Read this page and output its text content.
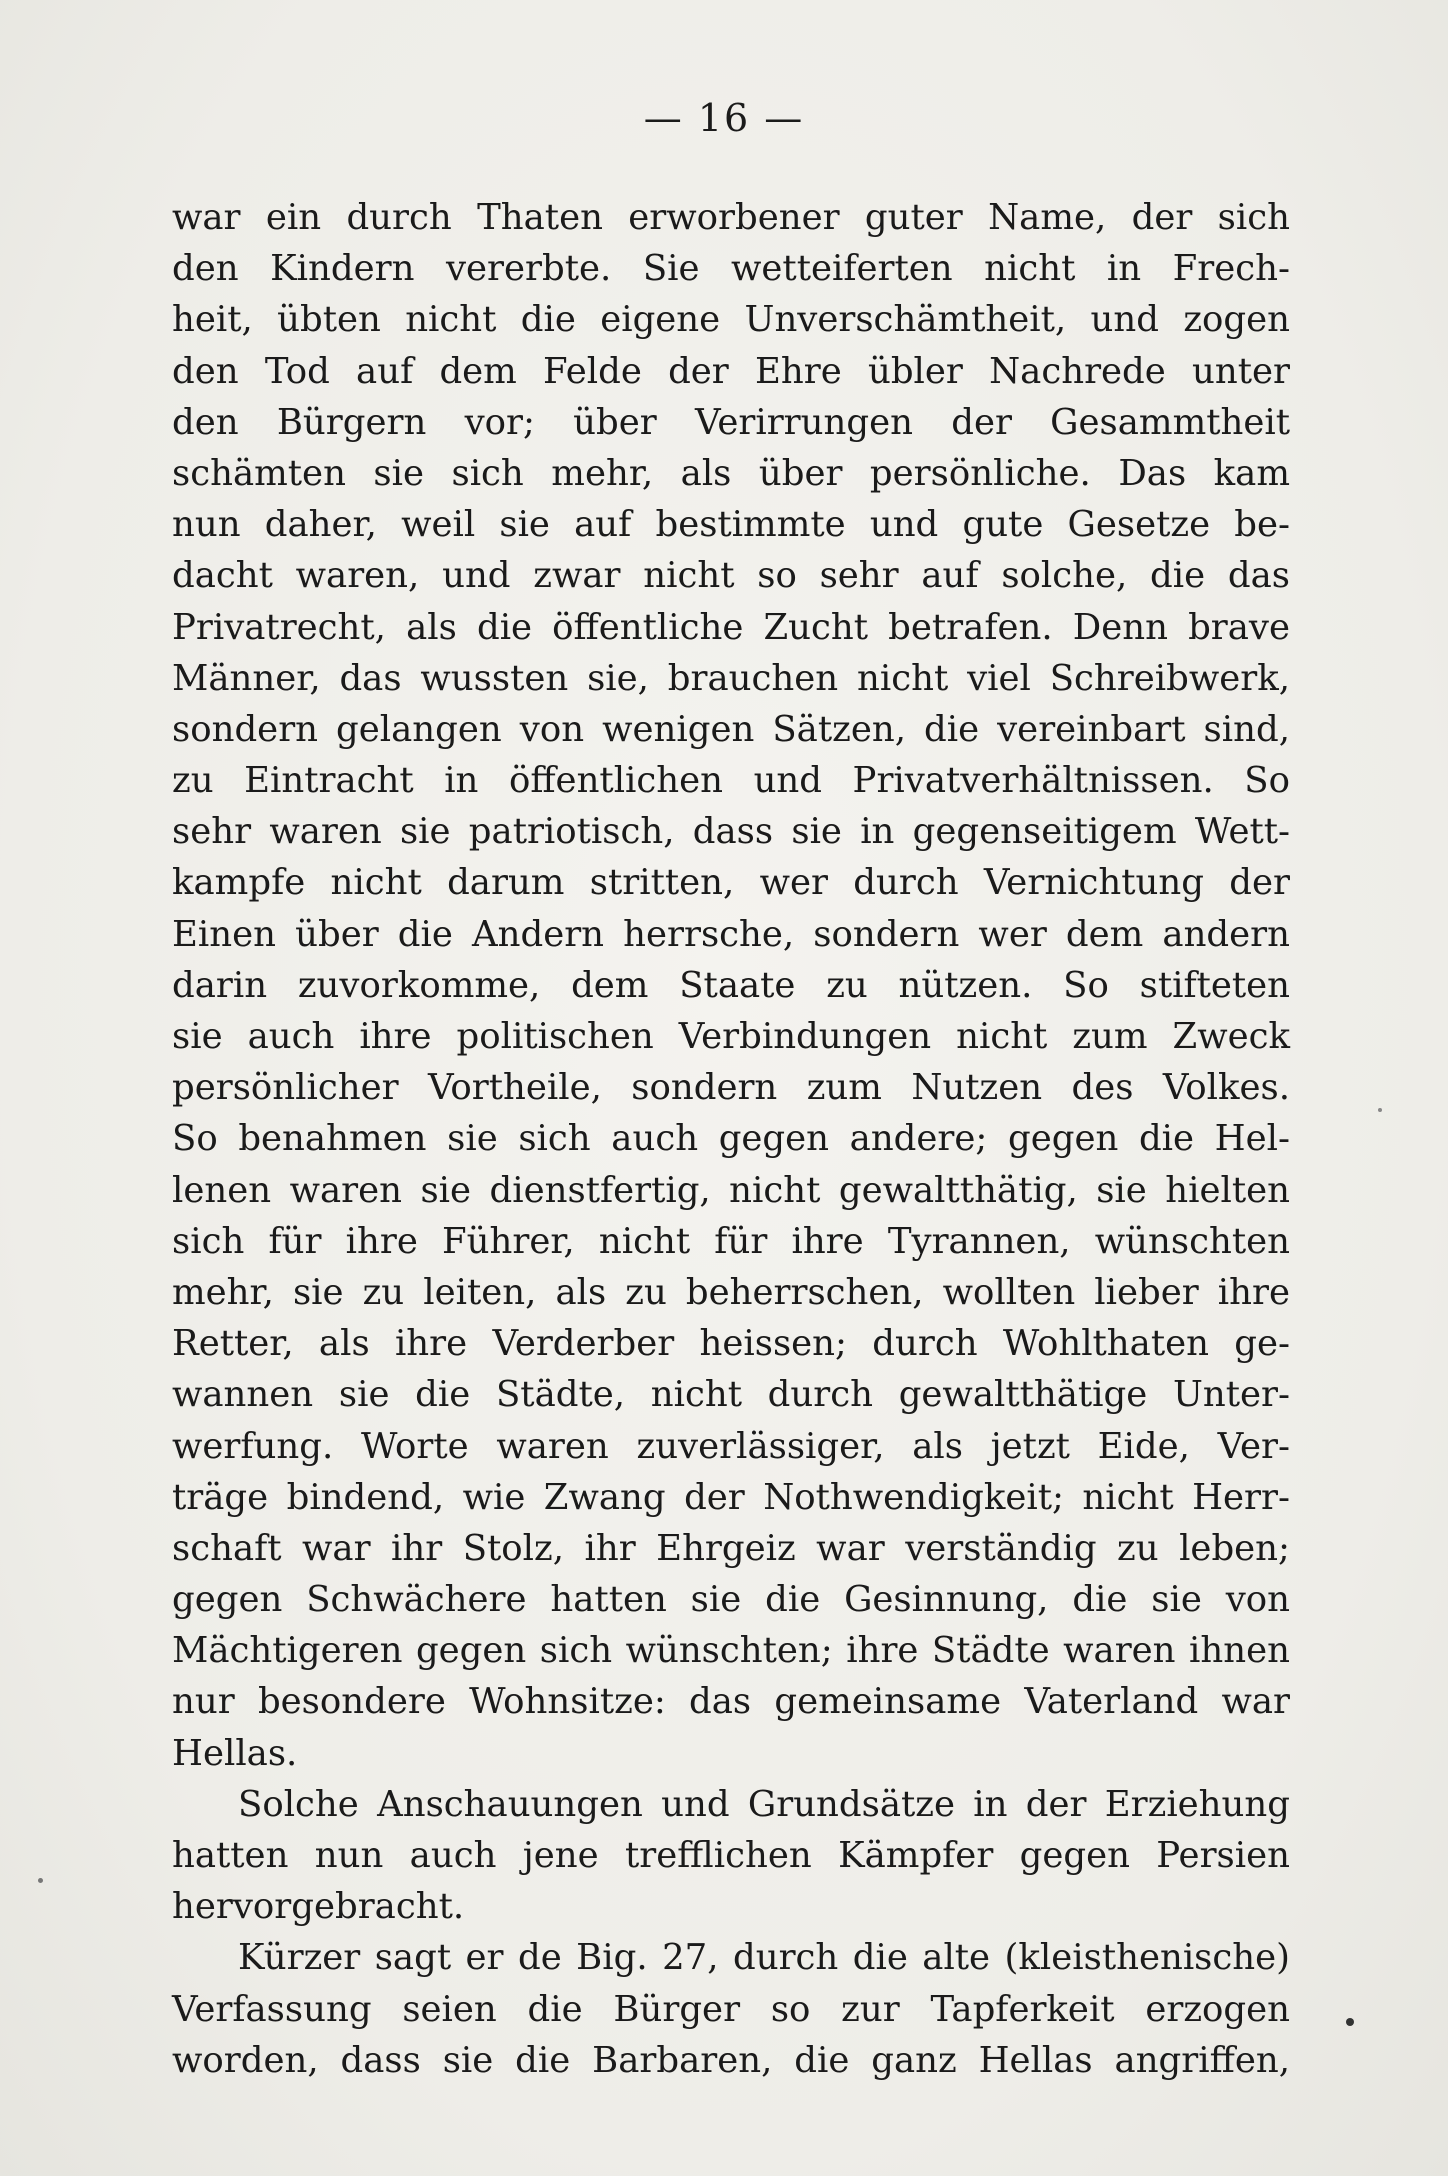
— 16 —
war ein durch Thaten erworbener guter Name, der sich
den Kindern vererbte. Sie wetteiferten nicht in Frech-
heit, übten nicht die eigene Unverschämtheit, und zogen
den Tod auf dem Felde der Ehre übler Nachrede unter
den Bürgern vor; über Verirrungen der Gesammtheit
schämten sie sich mehr, als über persönliche. Das kam
nun daher, weil sie auf bestimmte und gute Gesetze be-
dacht waren, und zwar nicht so sehr auf solche, die das
Privatrecht, als die öffentliche Zucht betrafen. Denn brave
Männer, das wussten sie, brauchen nicht viel Schreibwerk,
sondern gelangen von wenigen Sätzen, die vereinbart sind,
zu Eintracht in öffentlichen und Privatverhältnissen. So
sehr waren sie patriotisch, dass sie in gegenseitigem Wett-
kampfe nicht darum stritten, wer durch Vernichtung der
Einen über die Andern herrsche, sondern wer dem andern
darin zuvorkomme, dem Staate zu nützen. So stifteten
sie auch ihre politischen Verbindungen nicht zum Zweck
persönlicher Vortheile, sondern zum Nutzen des Volkes.
So benahmen sie sich auch gegen andere; gegen die Hel-
lenen waren sie dienstfertig, nicht gewaltthätig, sie hielten
sich für ihre Führer, nicht für ihre Tyrannen, wünschten
mehr, sie zu leiten, als zu beherrschen, wollten lieber ihre
Retter, als ihre Verderber heissen; durch Wohlthaten ge-
wannen sie die Städte, nicht durch gewaltthätige Unter-
werfung. Worte waren zuverlässiger, als jetzt Eide, Ver-
träge bindend, wie Zwang der Nothwendigkeit; nicht Herr-
schaft war ihr Stolz, ihr Ehrgeiz war verständig zu leben;
gegen Schwächere hatten sie die Gesinnung, die sie von
Mächtigeren gegen sich wünschten; ihre Städte waren ihnen
nur besondere Wohnsitze: das gemeinsame Vaterland war
Hellas.
Solche Anschauungen und Grundsätze in der Erziehung
hatten nun auch jene trefflichen Kämpfer gegen Persien
hervorgebracht.
Kürzer sagt er de Big. 27, durch die alte (kleisthenische)
Verfassung seien die Bürger so zur Tapferkeit erzogen
worden, dass sie die Barbaren, die ganz Hellas angriffen,
